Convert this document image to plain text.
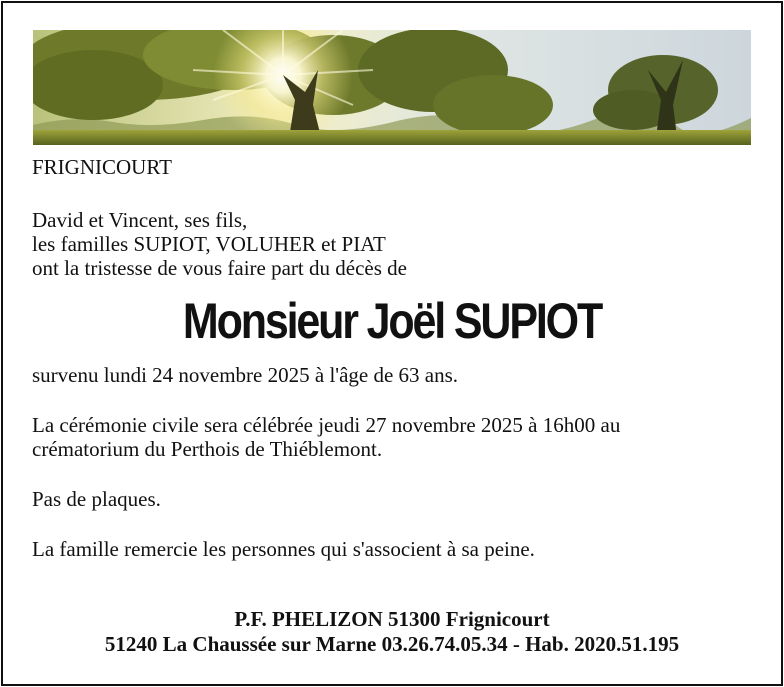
FRIGNICOURT

David et Vincent, ses fils,

les familles SUPIOT, VOLUHER et PIAT

ont la tristesse de vous faire part du décès de

Monsieur Joël SUPIOT

survenu lundi 24 novembre 2025 à l'âge de 63 ans.

La cérémonie civile sera célébrée jeudi 27 novembre 2025 à 16h00 au

crématorium du Perthois de Thiéblemont.

Pas de plaques.

La famille remercie les personnes qui s'associent à sa peine.

P.F. PHELIZON 51300 Frignicourt

51240 La Chaussée sur Marne 03.26.74.05.34 - Hab. 2020.51.195
